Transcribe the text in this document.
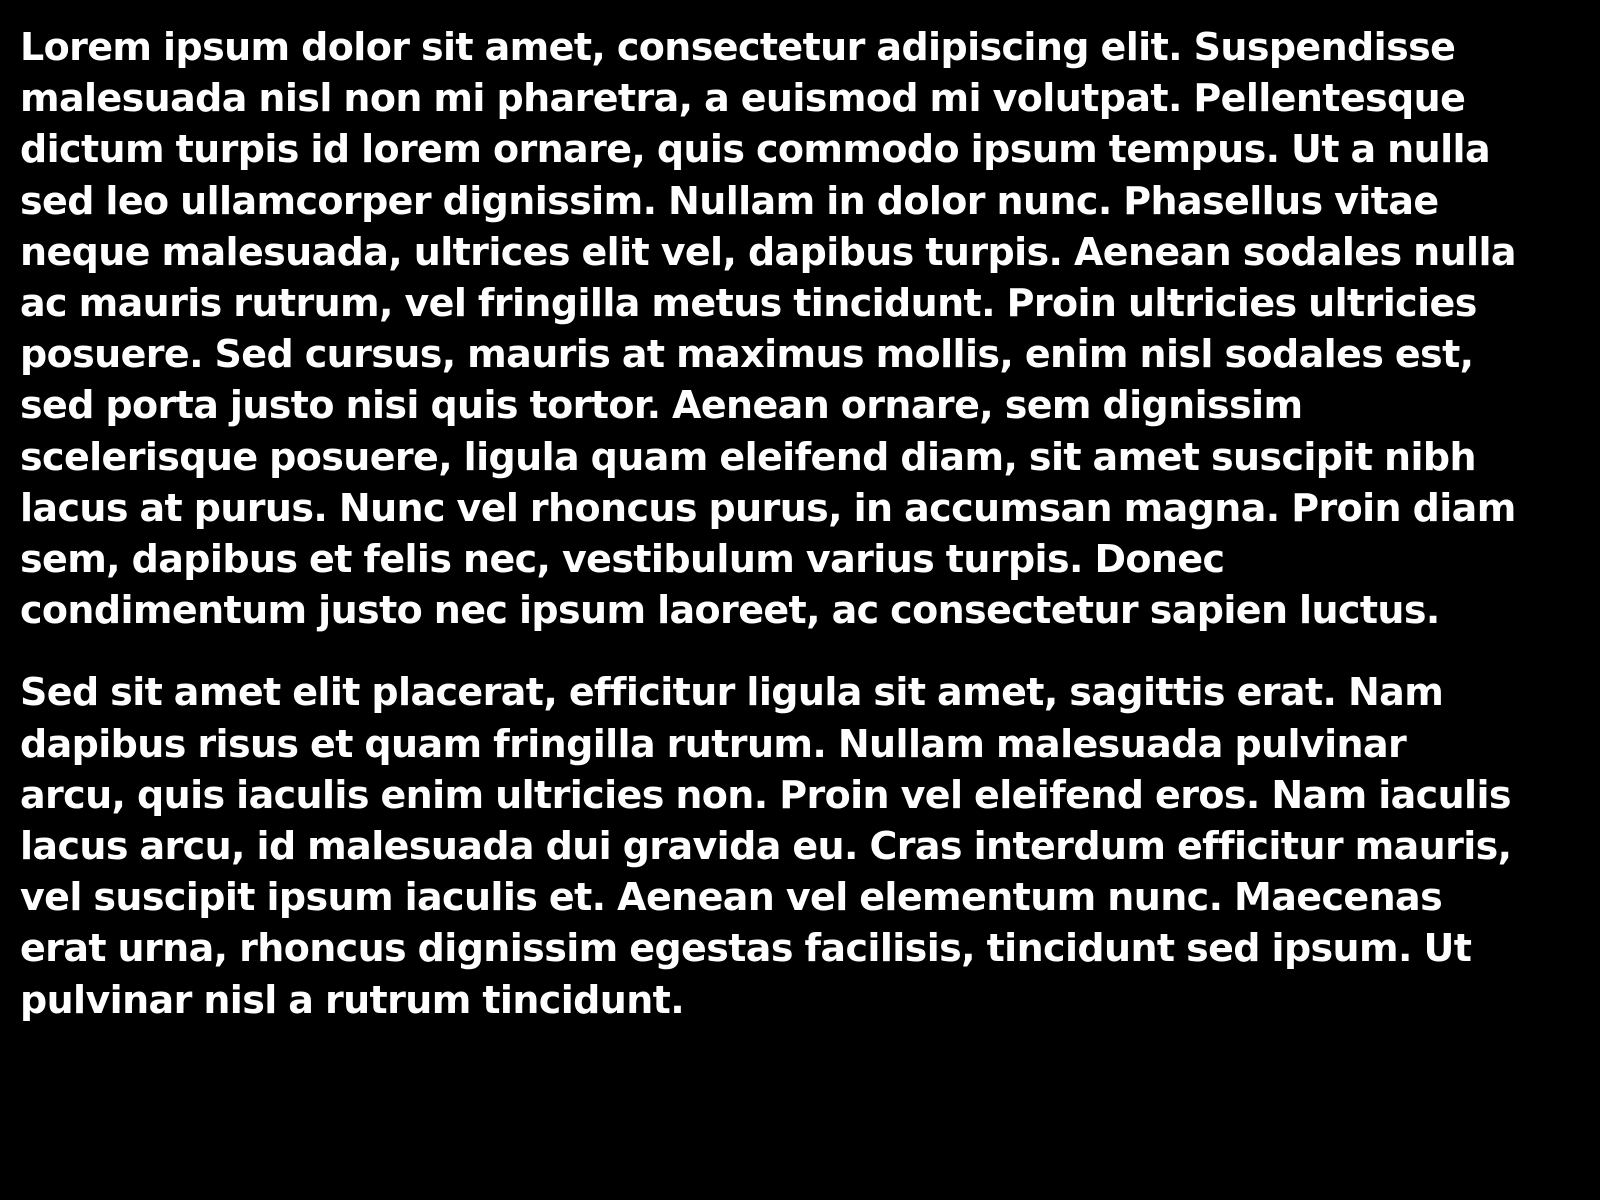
Lorem ipsum dolor sit amet, consectetur adipiscing elit. Suspendisse malesuada nisl non mi pharetra, a euismod mi volutpat. Pellentesque dictum turpis id lorem ornare, quis commodo ipsum tempus. Ut a nulla sed leo ullamcorper dignissim. Nullam in dolor nunc. Phasellus vitae neque malesuada, ultrices elit vel, dapibus turpis. Aenean sodales nulla ac mauris rutrum, vel fringilla metus tincidunt. Proin ultricies ultricies posuere. Sed cursus, mauris at maximus mollis, enim nisl sodales est, sed porta justo nisi quis tortor. Aenean ornare, sem dignissim scelerisque posuere, ligula quam eleifend diam, sit amet suscipit nibh lacus at purus. Nunc vel rhoncus purus, in accumsan magna. Proin diam sem, dapibus et felis nec, vestibulum varius turpis. Donec condimentum justo nec ipsum laoreet, ac consectetur sapien luctus.

Sed sit amet elit placerat, efficitur ligula sit amet, sagittis erat. Nam dapibus risus et quam fringilla rutrum. Nullam malesuada pulvinar arcu, quis iaculis enim ultricies non. Proin vel eleifend eros. Nam iaculis lacus arcu, id malesuada dui gravida eu. Cras interdum efficitur mauris, vel suscipit ipsum iaculis et. Aenean vel elementum nunc. Maecenas erat urna, rhoncus dignissim egestas facilisis, tincidunt sed ipsum. Ut pulvinar nisl a rutrum tincidunt.
